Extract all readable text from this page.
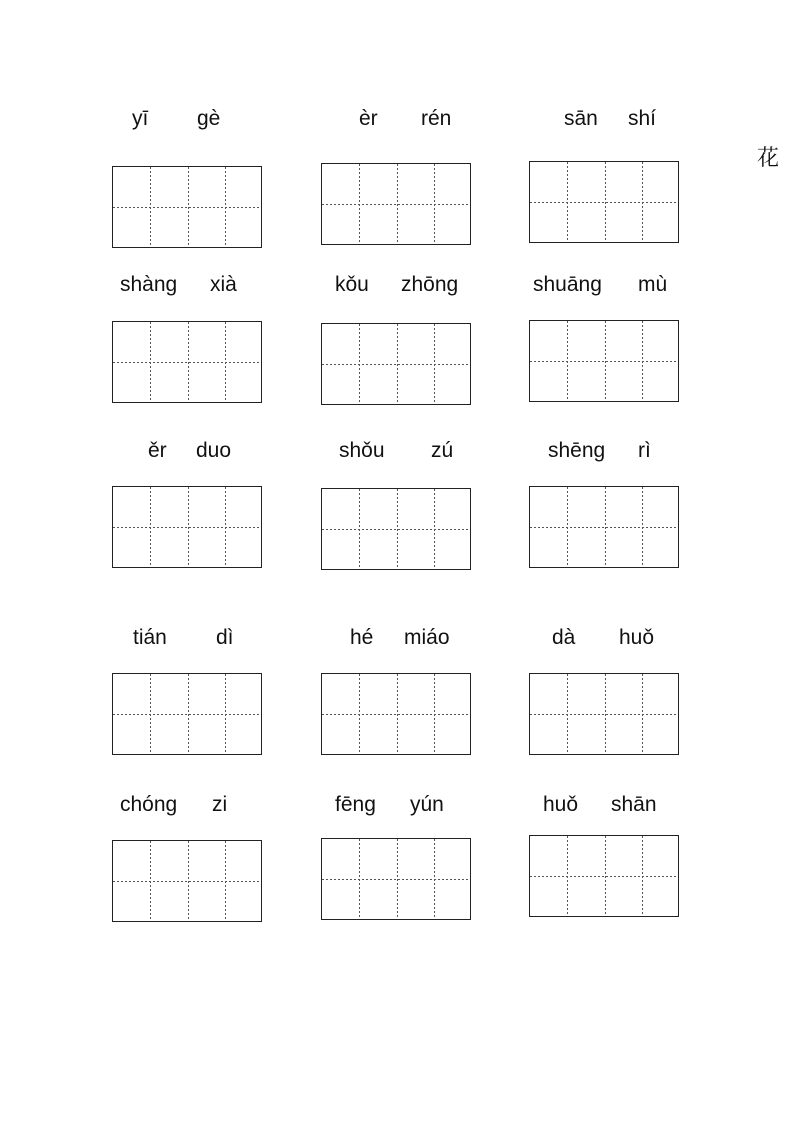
花
yī gè	èr rén	sān shí
shàng xià	kǒu zhōng	shuāng mù
ěr duo	shǒu zú	shēng rì
tián dì	hé miáo	dà huǒ
chóng zi	fēng yún	huǒ shān
